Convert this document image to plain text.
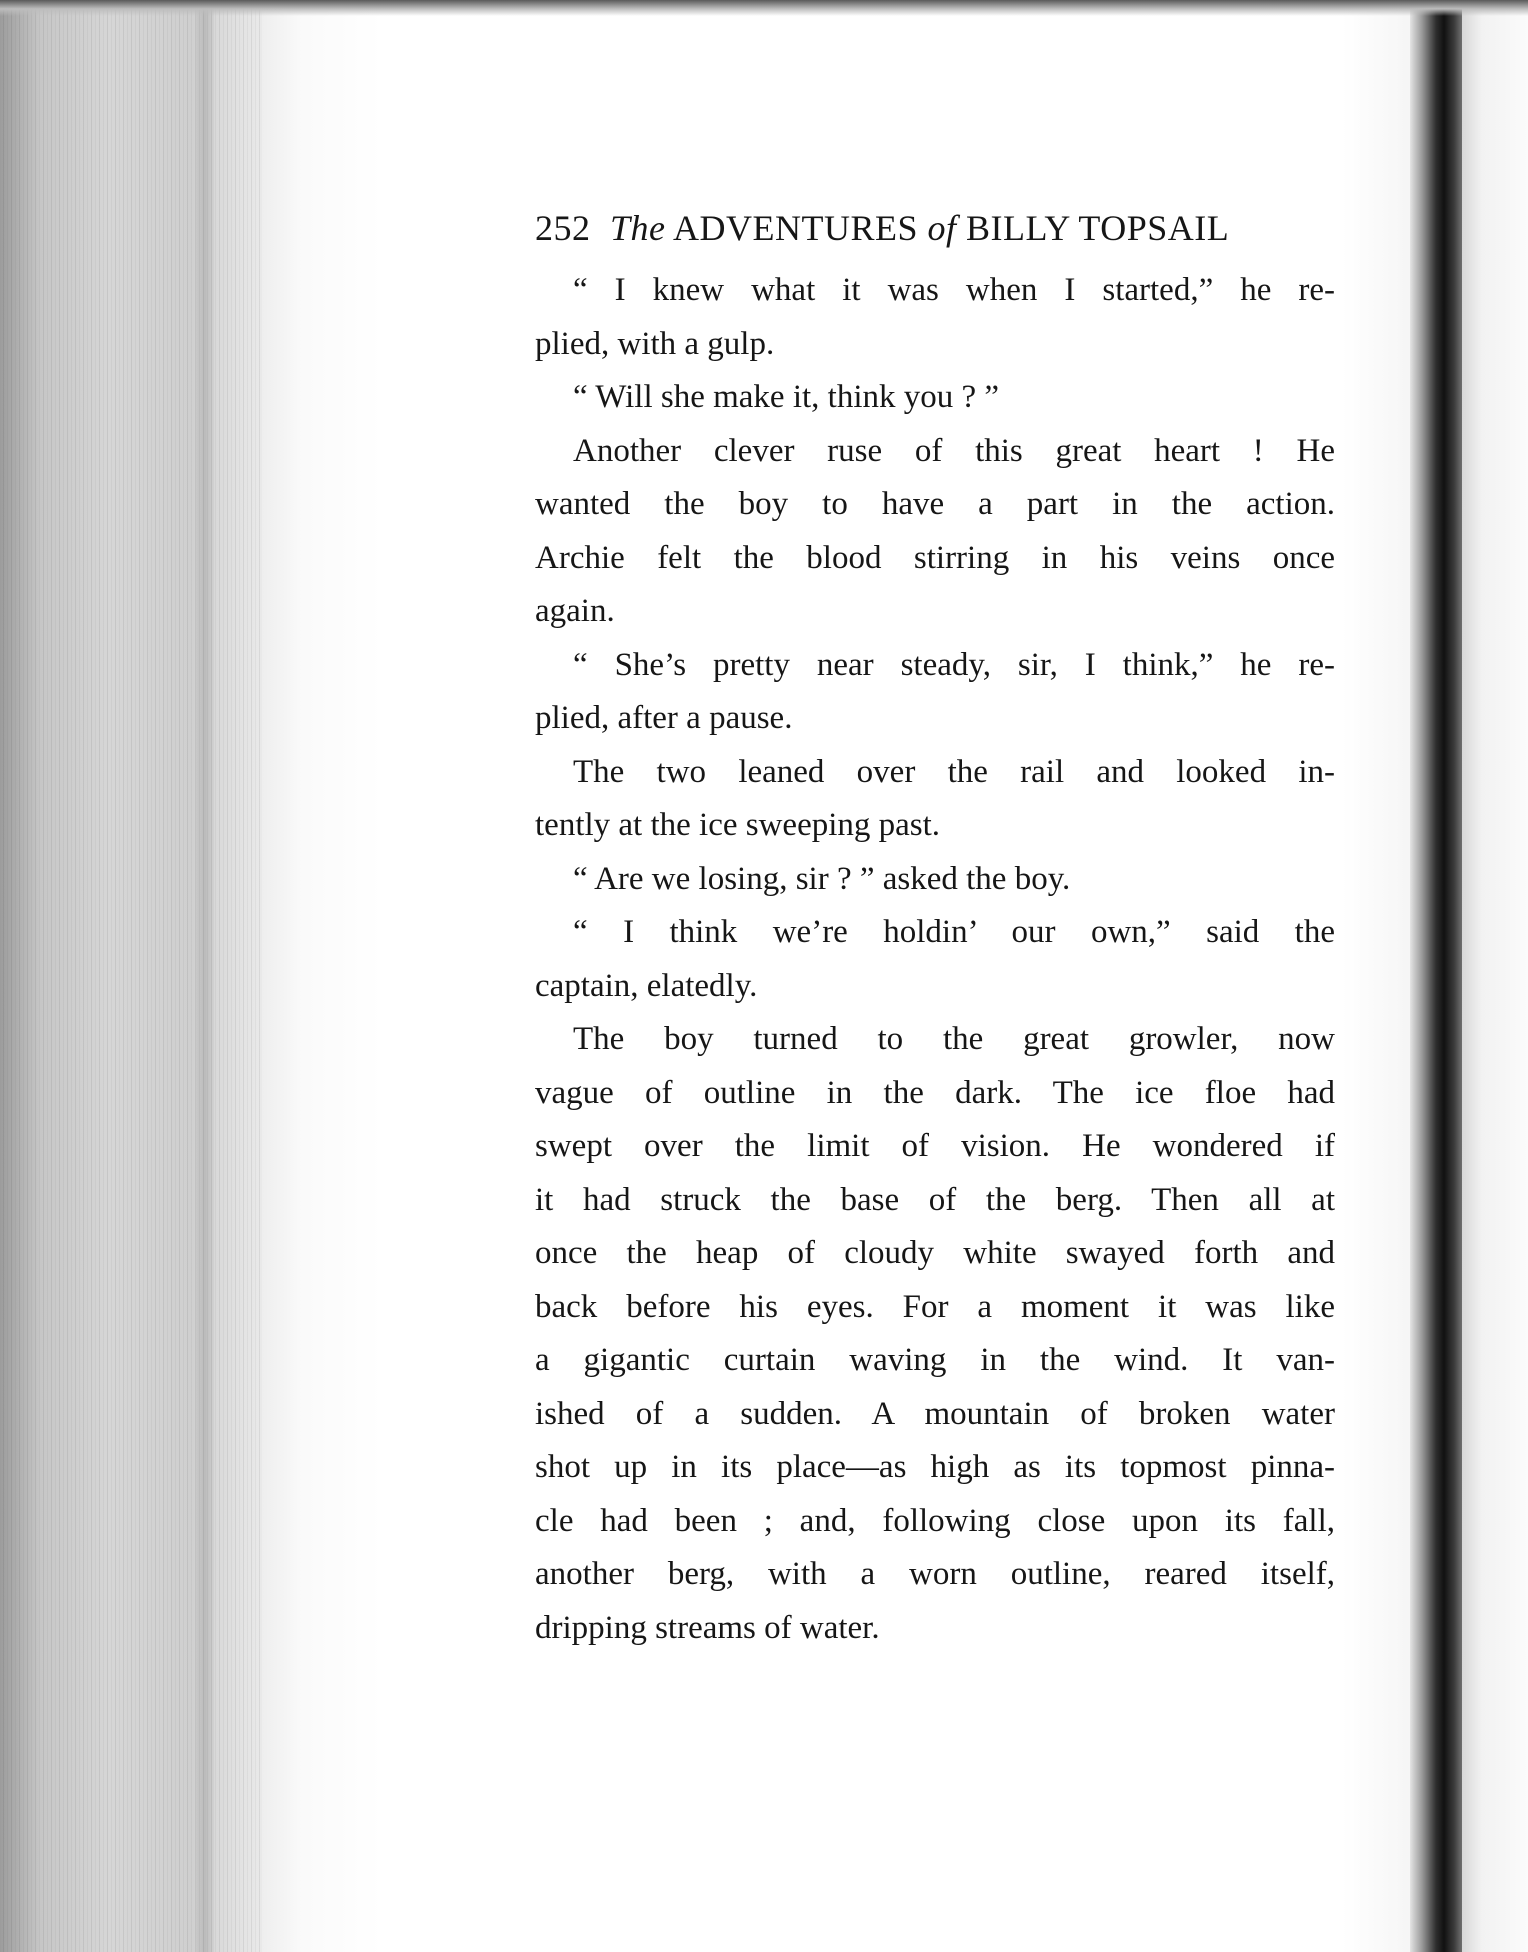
252 The ADVENTURES of BILLY TOPSAIL
“ I knew what it was when I started,” he re-
plied, with a gulp.
“ Will she make it, think you ? ”
Another clever ruse of this great heart ! He
wanted the boy to have a part in the action.
Archie felt the blood stirring in his veins once
again.
“ She’s pretty near steady, sir, I think,” he re-
plied, after a pause.
The two leaned over the rail and looked in-
tently at the ice sweeping past.
“ Are we losing, sir ? ” asked the boy.
“ I think we’re holdin’ our own,” said the
captain, elatedly.
The boy turned to the great growler, now
vague of outline in the dark. The ice floe had
swept over the limit of vision. He wondered if
it had struck the base of the berg. Then all at
once the heap of cloudy white swayed forth and
back before his eyes. For a moment it was like
a gigantic curtain waving in the wind. It van-
ished of a sudden. A mountain of broken water
shot up in its place—as high as its topmost pinna-
cle had been ; and, following close upon its fall,
another berg, with a worn outline, reared itself,
dripping streams of water.
